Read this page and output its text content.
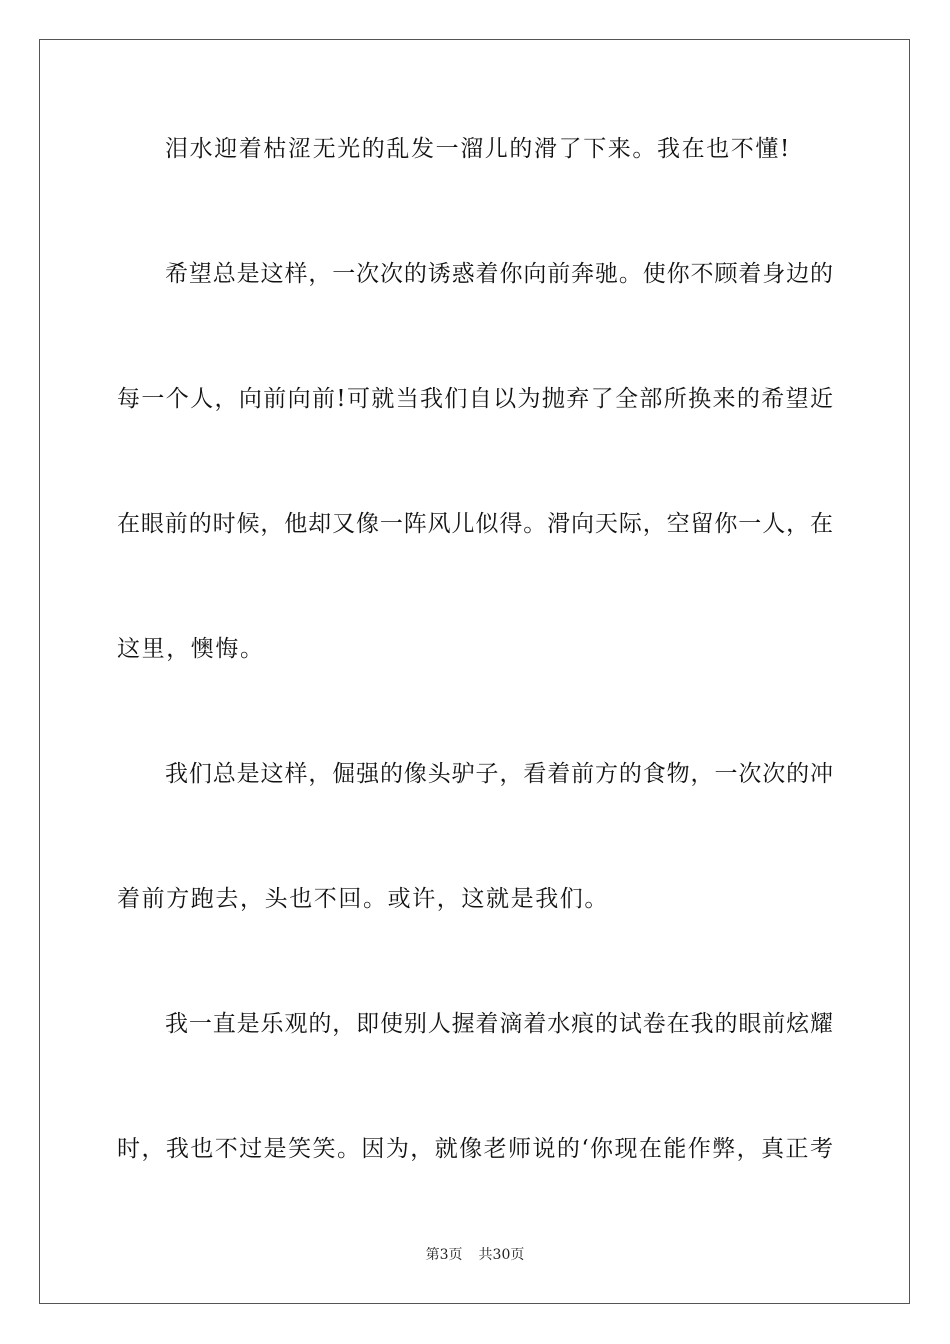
泪水迎着枯涩无光的乱发一溜儿的滑了下来。我在也不懂!
希望总是这样，一次次的诱惑着你向前奔驰。使你不顾着身边的
每一个人，向前向前!可就当我们自以为抛弃了全部所换来的希望近
在眼前的时候，他却又像一阵风儿似得。滑向天际，空留你一人，在
这里，懊悔。
我们总是这样，倔强的像头驴子，看着前方的食物，一次次的冲
着前方跑去，头也不回。或许，这就是我们。
我一直是乐观的，即使别人握着滴着水痕的试卷在我的眼前炫耀
时，我也不过是笑笑。因为，就像老师说的‘你现在能作弊，真正考
第3页 共30页
